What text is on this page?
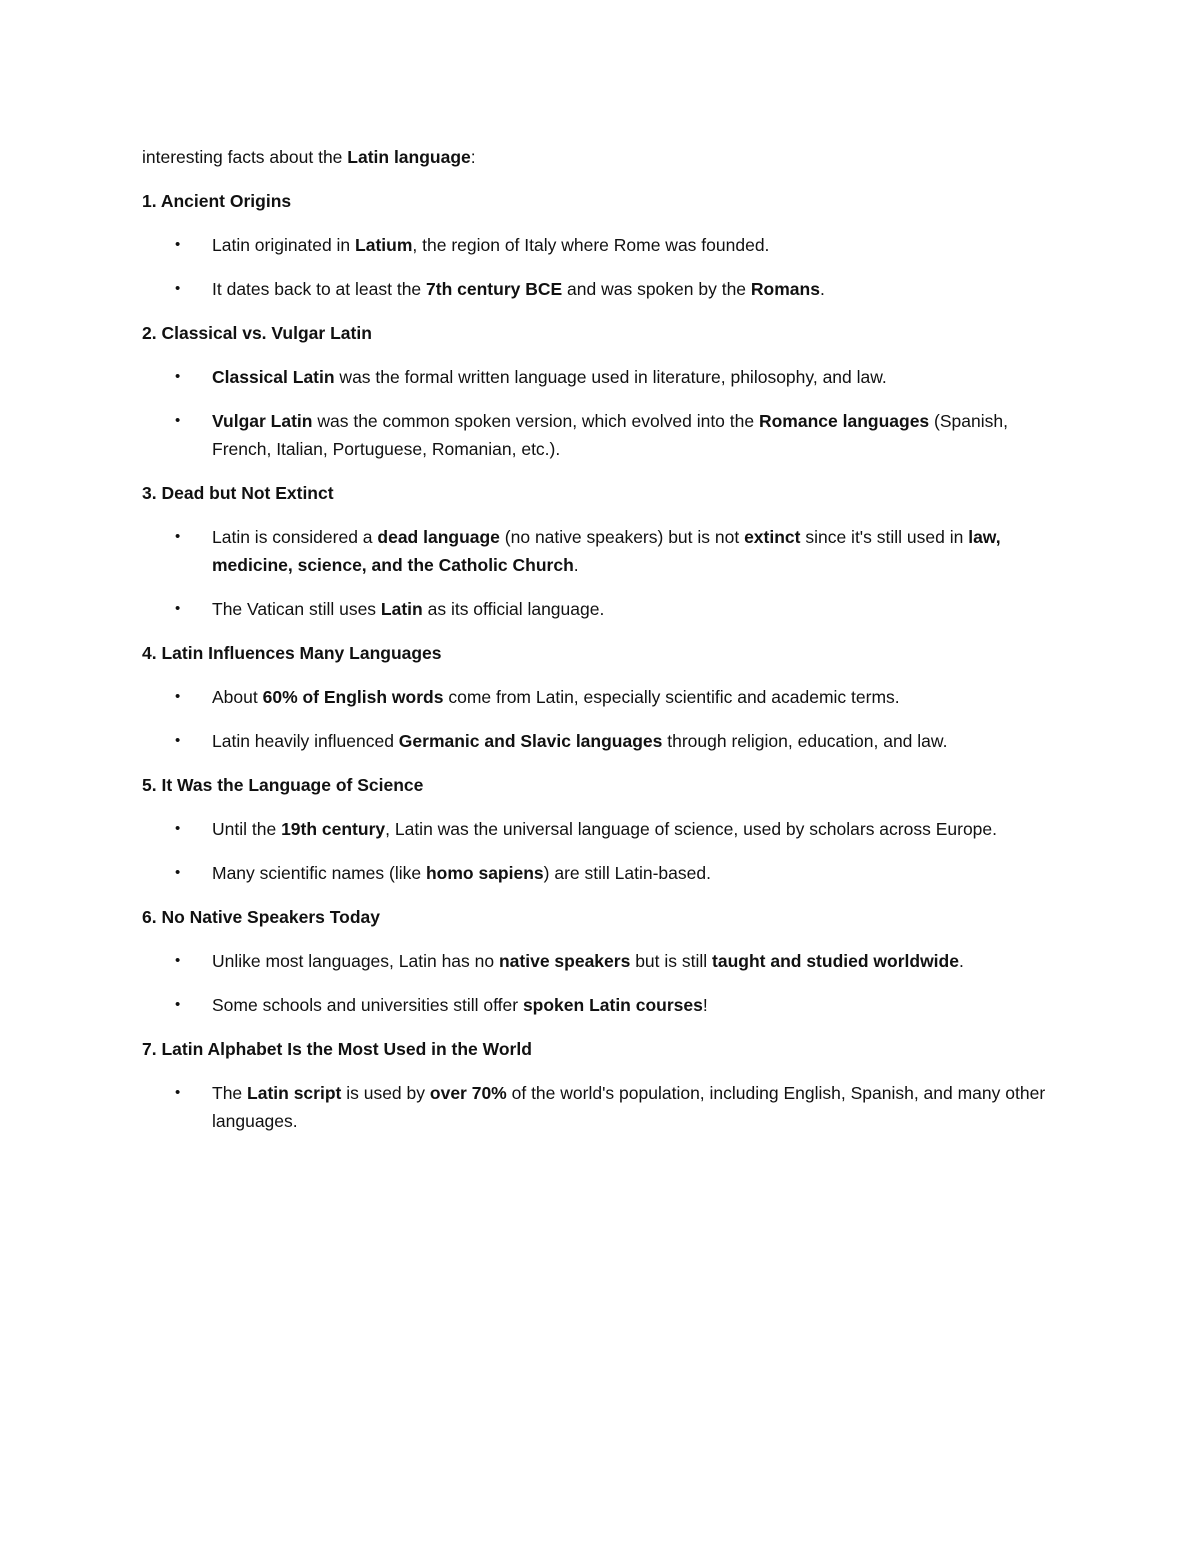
interesting facts about the Latin language:

1. Ancient Origins

• Latin originated in Latium, the region of Italy where Rome was founded.
• It dates back to at least the 7th century BCE and was spoken by the Romans.

2. Classical vs. Vulgar Latin

• Classical Latin was the formal written language used in literature, philosophy, and law.
• Vulgar Latin was the common spoken version, which evolved into the Romance languages (Spanish, French, Italian, Portuguese, Romanian, etc.).

3. Dead but Not Extinct

• Latin is considered a dead language (no native speakers) but is not extinct since it's still used in law, medicine, science, and the Catholic Church.
• The Vatican still uses Latin as its official language.

4. Latin Influences Many Languages

• About 60% of English words come from Latin, especially scientific and academic terms.
• Latin heavily influenced Germanic and Slavic languages through religion, education, and law.

5. It Was the Language of Science

• Until the 19th century, Latin was the universal language of science, used by scholars across Europe.
• Many scientific names (like homo sapiens) are still Latin-based.

6. No Native Speakers Today

• Unlike most languages, Latin has no native speakers but is still taught and studied worldwide.
• Some schools and universities still offer spoken Latin courses!

7. Latin Alphabet Is the Most Used in the World

• The Latin script is used by over 70% of the world's population, including English, Spanish, and many other languages.
